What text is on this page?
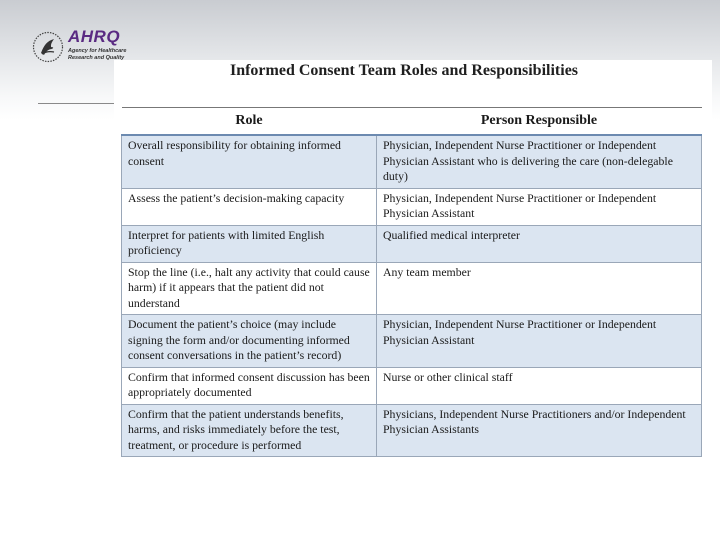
AHRQ
Agency for Healthcare Research and Quality
Informed Consent Team Roles and Responsibilities
Role	Person Responsible
Overall responsibility for obtaining informed consent	Physician, Independent Nurse Practitioner or Independent Physician Assistant who is delivering the care (non-delegable duty)
Assess the patient’s decision-making capacity	Physician, Independent Nurse Practitioner or Independent Physician Assistant
Interpret for patients with limited English proficiency	Qualified medical interpreter
Stop the line (i.e., halt any activity that could cause harm) if it appears that the patient did not understand	Any team member
Document the patient’s choice (may include signing the form and/or documenting informed consent conversations in the patient’s record)	Physician, Independent Nurse Practitioner or Independent Physician Assistant
Confirm that informed consent discussion has been appropriately documented	Nurse or other clinical staff
Confirm that the patient understands benefits, harms, and risks immediately before the test, treatment, or procedure is performed	Physicians, Independent Nurse Practitioners and/or Independent Physician Assistants
